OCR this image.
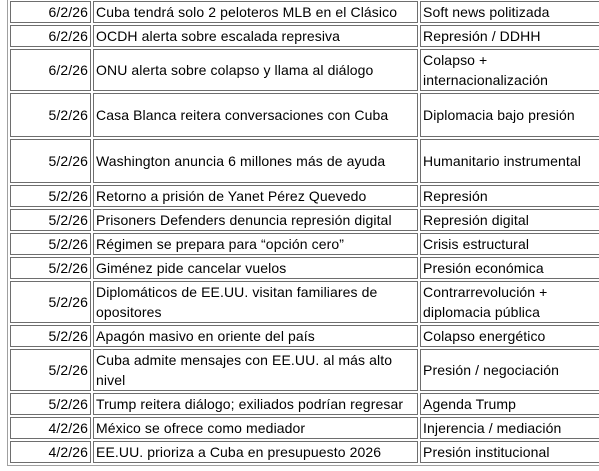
6/2/26	Cuba tendrá solo 2 peloteros MLB en el Clásico	Soft news politizada
6/2/26	OCDH alerta sobre escalada represiva	Represión / DDHH
6/2/26	ONU alerta sobre colapso y llama al diálogo	Colapso + internacionalización
5/2/26	Casa Blanca reitera conversaciones con Cuba	Diplomacia bajo presión
5/2/26	Washington anuncia 6 millones más de ayuda	Humanitario instrumental
5/2/26	Retorno a prisión de Yanet Pérez Quevedo	Represión
5/2/26	Prisoners Defenders denuncia represión digital	Represión digital
5/2/26	Régimen se prepara para “opción cero”	Crisis estructural
5/2/26	Giménez pide cancelar vuelos	Presión económica
5/2/26	Diplomáticos de EE.UU. visitan familiares de opositores	Contrarrevolución + diplomacia pública
5/2/26	Apagón masivo en oriente del país	Colapso energético
5/2/26	Cuba admite mensajes con EE.UU. al más alto nivel	Presión / negociación
5/2/26	Trump reitera diálogo; exiliados podrían regresar	Agenda Trump
4/2/26	México se ofrece como mediador	Injerencia / mediación
4/2/26	EE.UU. prioriza a Cuba en presupuesto 2026	Presión institucional
